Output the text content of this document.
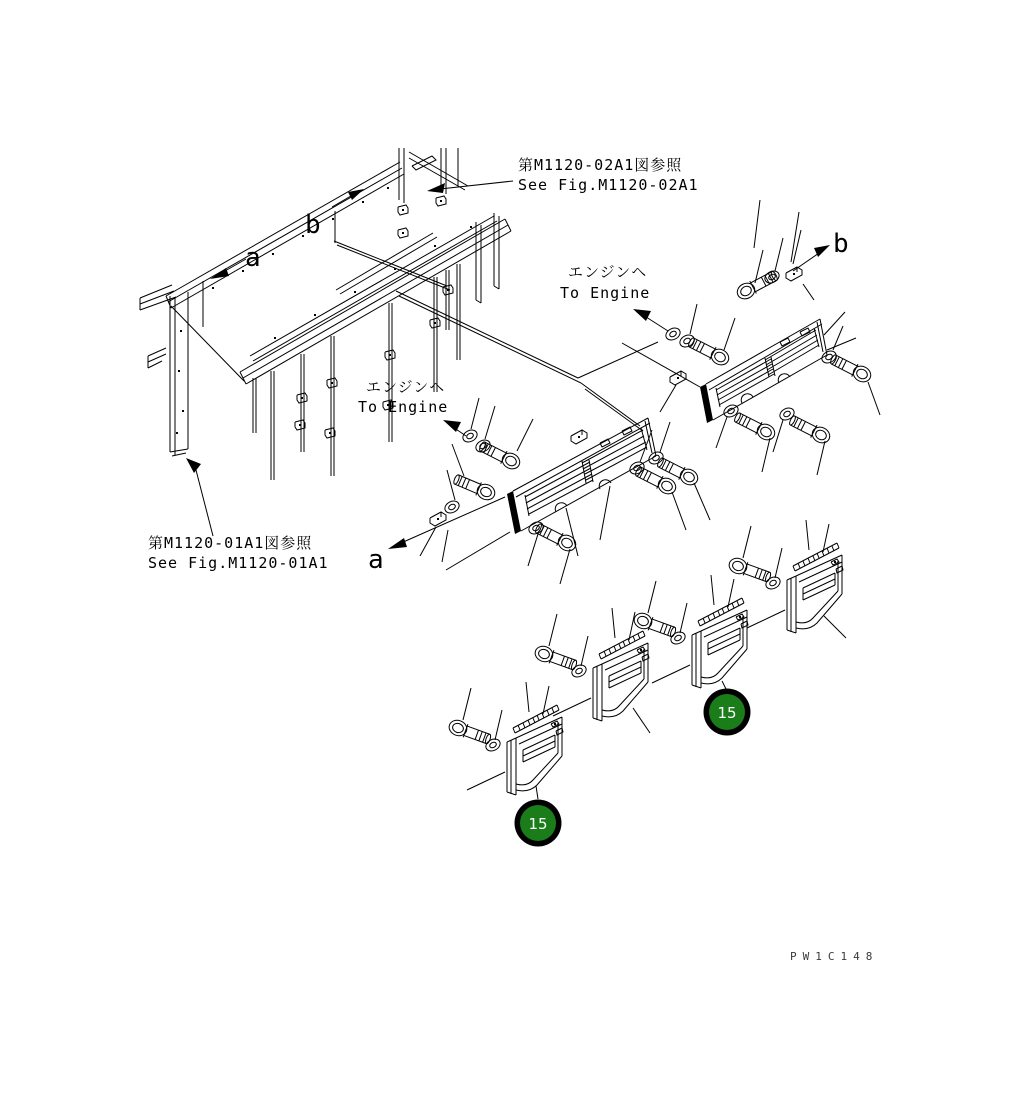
a
b
a
b
エンジンヘ
To Engine
エンジンヘ
To Engine
第M1120-02A1図参照
See Fig.M1120-02A1
第M1120-01A1図参照
See Fig.M1120-01A1
15
15
PW1C148
